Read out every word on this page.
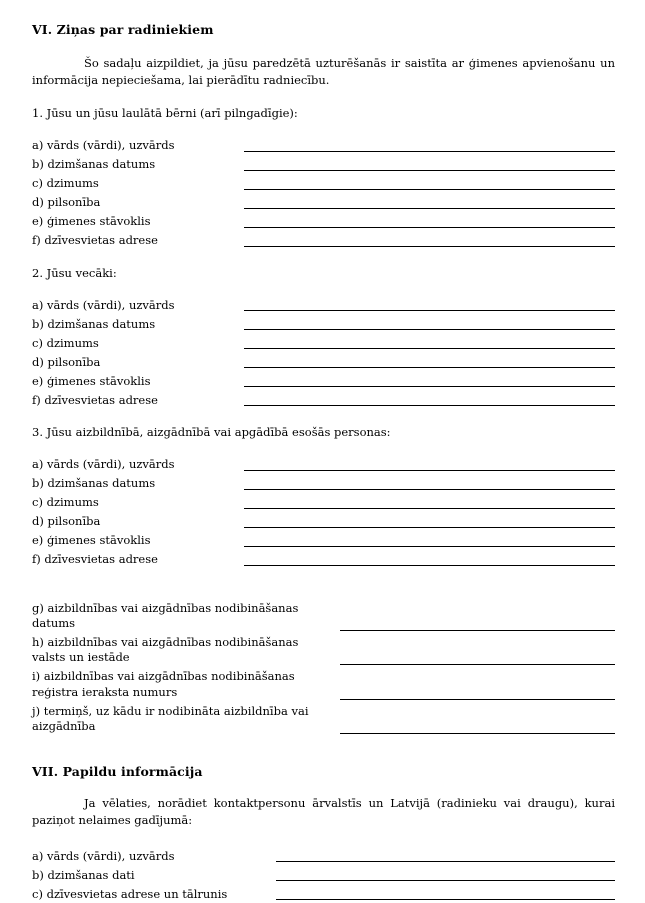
VI. Ziņas par radiniekiem

Šo sadaļu aizpildiet, ja jūsu paredzētā uzturēšanās ir saistīta ar ģimenes apvienošanu un informācija nepieciešama, lai pierādītu radniecību.

1. Jūsu un jūsu laulātā bērni (arī pilngadīgie):

a) vārds (vārdi), uzvārds	

b) dzimšanas datums	

c) dzimums	

d) pilsonība	

e) ģimenes stāvoklis	

f) dzīvesvietas adrese	

2. Jūsu vecāki:

a) vārds (vārdi), uzvārds	

b) dzimšanas datums	

c) dzimums	

d) pilsonība	

e) ģimenes stāvoklis	

f) dzīvesvietas adrese	

3. Jūsu aizbildnībā, aizgādnībā vai apgādībā esošās personas:

a) vārds (vārdi), uzvārds	

b) dzimšanas datums	

c) dzimums	

d) pilsonība	

e) ģimenes stāvoklis	

f) dzīvesvietas adrese	
g) aizbildnības vai aizgādnības nodibināšanas datums	

h) aizbildnības vai aizgādnības nodibināšanas valsts un iestāde	

i) aizbildnības vai aizgādnības nodibināšanas reģistra ieraksta numurs	

j) termiņš, uz kādu ir nodibināta aizbildnība vai aizgādnība	
VII. Papildu informācija

Ja vēlaties, norādiet kontaktpersonu ārvalstīs un Latvijā (radinieku vai draugu), kurai paziņot nelaimes gadījumā:

a) vārds (vārdi), uzvārds	

b) dzimšanas dati	

c) dzīvesvietas adrese un tālrunis	
